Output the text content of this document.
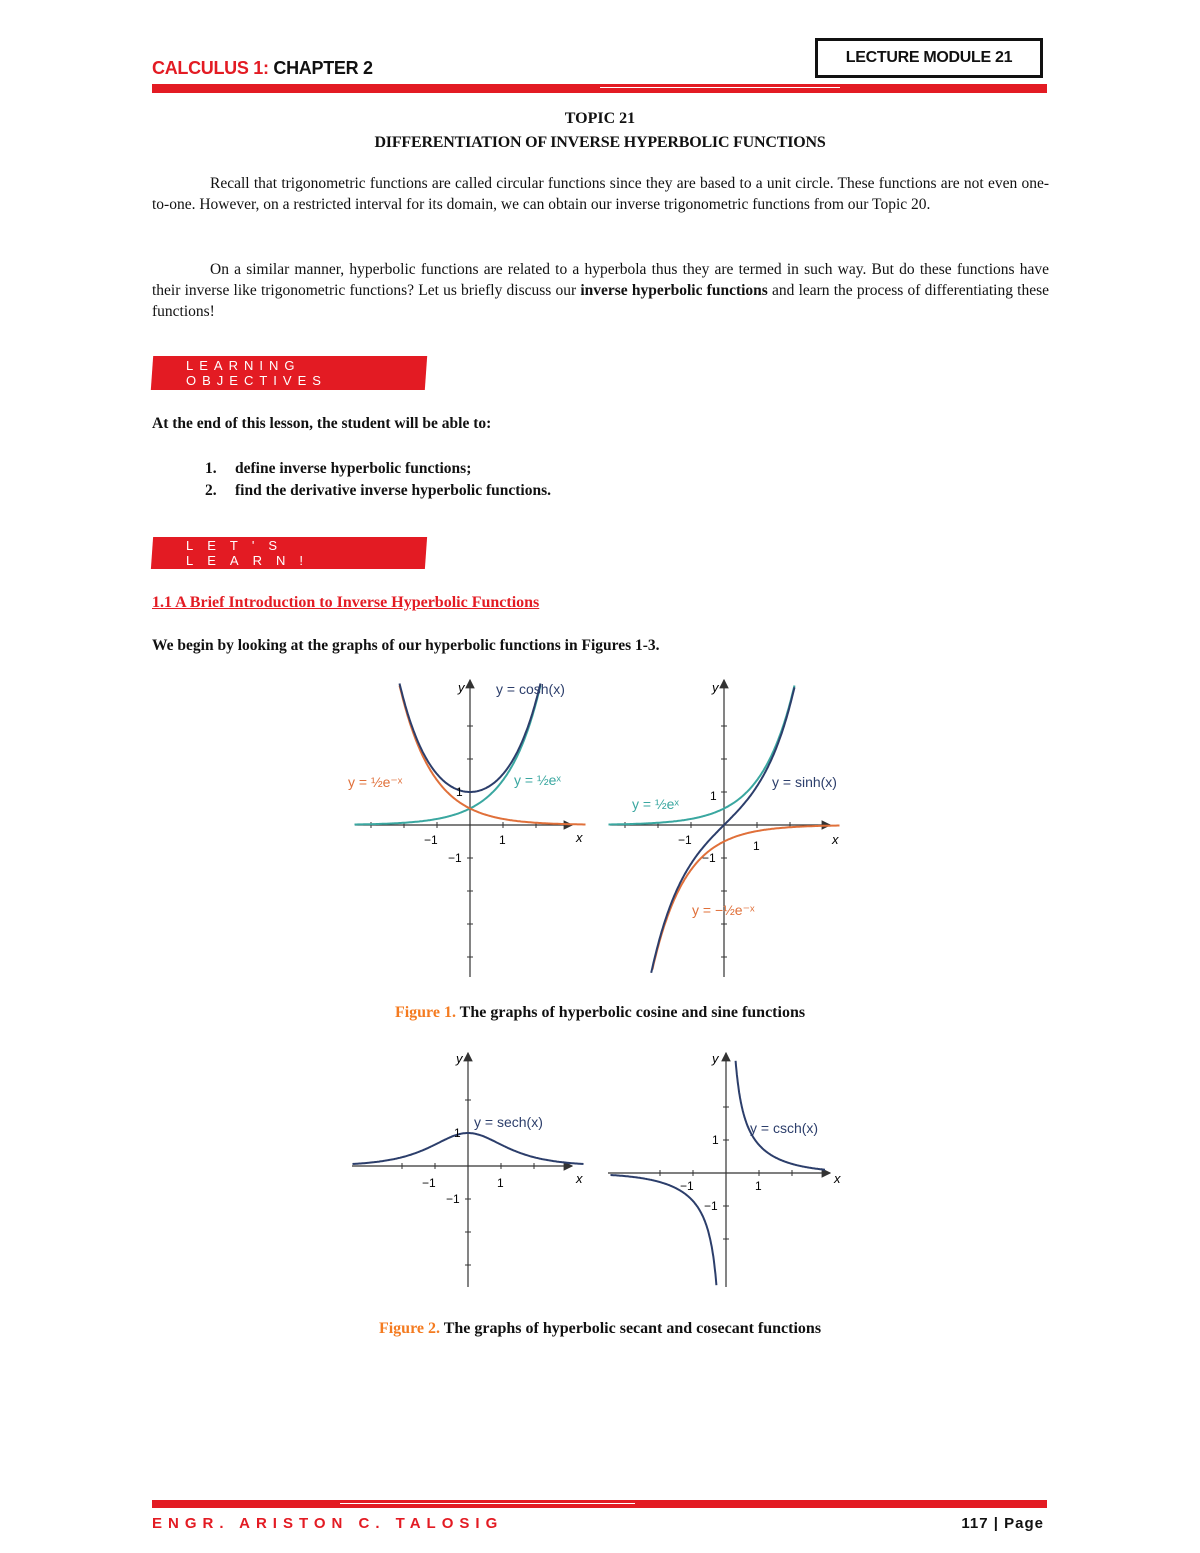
CALCULUS 1: CHAPTER 2
LECTURE MODULE 21
TOPIC 21
DIFFERENTIATION OF INVERSE HYPERBOLIC FUNCTIONS
Recall that trigonometric functions are called circular functions since they are based to a unit circle. These functions are not even one-to-one. However, on a restricted interval for its domain, we can obtain our inverse trigonometric functions from our Topic 20.
On a similar manner, hyperbolic functions are related to a hyperbola thus they are termed in such way. But do these functions have their inverse like trigonometric functions? Let us briefly discuss our inverse hyperbolic functions and learn the process of differentiating these functions!
LEARNING OBJECTIVES
At the end of this lesson, the student will be able to:
1. define inverse hyperbolic functions;
2. find the derivative inverse hyperbolic functions.
LET'S LEARN!
1.1 A Brief Introduction to Inverse Hyperbolic Functions
We begin by looking at the graphs of our hyperbolic functions in Figures 1-3.
y
x
y = cosh(x)
y = ½e⁻ˣ	y = ½eˣ
−1	1
1
−1
y
x
y = sinh(x)
y = ½eˣ
y = −½e⁻ˣ
−1	1
1
−1
Figure 1. The graphs of hyperbolic cosine and sine functions
y
x
y = sech(x)
−1	1
1
−1
y
x
y = csch(x)
−1	1
1
−1
Figure 2. The graphs of hyperbolic secant and cosecant functions
ENGR. ARISTON C. TALOSIG	117 | Page
